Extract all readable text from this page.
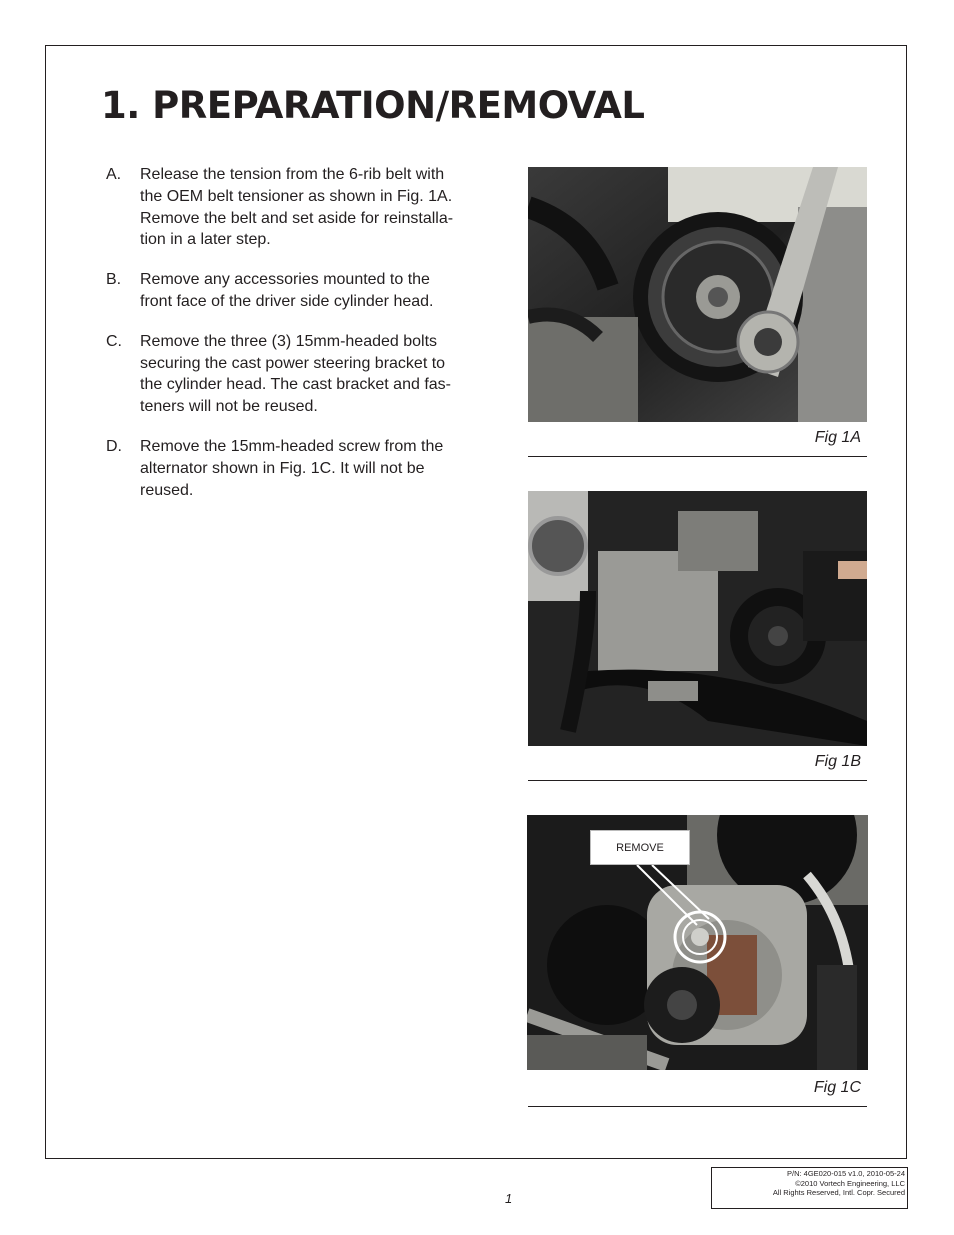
1. PREPARATION/REMOVAL
A.	Release the tension from the 6-rib belt with
the OEM belt tensioner as shown in Fig. 1A.
Remove the belt and set aside for reinstalla-
tion in a later step.
B.	Remove any accessories mounted to the
front face of the driver side cylinder head.
C.	Remove the three (3) 15mm-headed bolts
securing the cast power steering bracket to
the cylinder head. The cast bracket and fas-
teners will not be reused.
D.	Remove the 15mm-headed screw from the
alternator shown in Fig. 1C. It will not be
reused.
Fig 1A
Fig 1B
REMOVE
Fig 1C
1
P/N: 4GE020-015 v1.0, 2010-05-24
©2010 Vortech Engineering, LLC
All Rights Reserved, Intl. Copr. Secured
